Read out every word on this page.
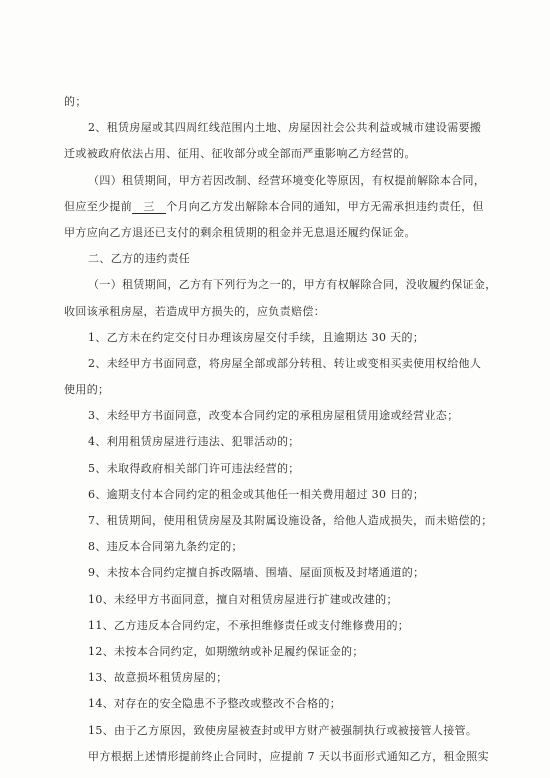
的；
2、租赁房屋或其四周红线范围内土地、房屋因社会公共利益或城市建设需要搬
迁或被政府依法占用、征用、征收部分或全部而严重影响乙方经营的。
（四）租赁期间，甲方若因改制、经营环境变化等原因，有权提前解除本合同，
但应至少提前 三 个月向乙方发出解除本合同的通知，甲方无需承担违约责任，但
甲方应向乙方退还已支付的剩余租赁期的租金并无息退还履约保证金。
二、乙方的违约责任
（一）租赁期间，乙方有下列行为之一的，甲方有权解除合同，没收履约保证金，
收回该承租房屋，若造成甲方损失的，应负责赔偿：
1、乙方未在约定交付日办理该房屋交付手续，且逾期达 30 天的；
2、未经甲方书面同意，将房屋全部或部分转租、转让或变相买卖使用权给他人
使用的；
3、未经甲方书面同意，改变本合同约定的承租房屋租赁用途或经营业态；
4、利用租赁房屋进行违法、犯罪活动的；
5、未取得政府相关部门许可违法经营的；
6、逾期支付本合同约定的租金或其他任一相关费用超过 30 日的；
7、租赁期间，使用租赁房屋及其附属设施设备，给他人造成损失，而未赔偿的；
8、违反本合同第九条约定的；
9、未按本合同约定擅自拆改隔墙、围墙、屋面顶板及封堵通道的；
10、未经甲方书面同意，擅自对租赁房屋进行扩建或改建的；
11、乙方违反本合同约定，不承担维修责任或支付维修费用的；
12、未按本合同约定，如期缴纳或补足履约保证金的；
13、故意损坏租赁房屋的；
14、对存在的安全隐患不予整改或整改不合格的；
15、由于乙方原因，致使房屋被查封或甲方财产被强制执行或被接管人接管。
甲方根据上述情形提前终止合同时，应提前 7 天以书面形式通知乙方，租金照实
